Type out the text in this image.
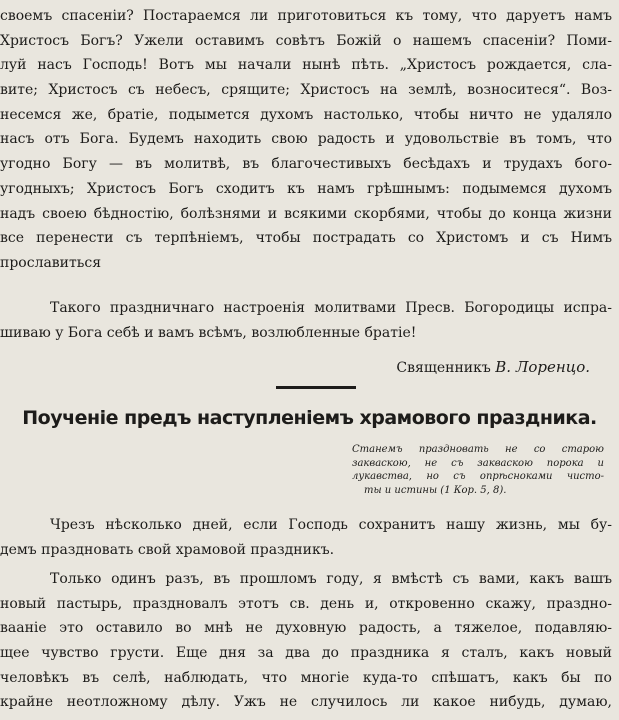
своемъ спасенiи? Постараемся ли приготовиться къ тому, что даруетъ намъ
Христосъ Богъ? Ужели оставимъ совѣтъ Божiй о нашемъ спасенiи? Поми-
луй насъ Господь! Вотъ мы начали нынѣ пѣть. „Христосъ рождается, сла-
вите; Христосъ съ небесъ, срящите; Христосъ на землѣ, возноситеся“. Воз-
несемся же, братiе, подымется духомъ настолько, чтобы ничто не удаляло
насъ отъ Бога. Будемъ находить свою радость и удовольствiе въ томъ, что
угодно Богу — въ молитвѣ, въ благочестивыхъ бесѣдахъ и трудахъ бого-
угодныхъ; Христосъ Богъ сходитъ къ намъ грѣшнымъ: подымемся духомъ
надъ своею бѣдностiю, болѣзнями и всякими скорбями, чтобы до конца жизни
все перенести съ терпѣнiемъ, чтобы пострадать со Христомъ и съ Нимъ
прославиться
Такого праздничнаго настроенiя молитвами Пресв. Богородицы испра-
шиваю у Бога себѣ и вамъ всѣмъ, возлюбленные братiе!
Священникъ В. Лоренцо.
Поученiе предъ наступленiемъ храмового праздника.
Станемъ праздновать не со старою
закваскою, не съ закваскою порока и
лукавства, но съ опрѣснокaми чисто-
ты и истины (1 Кор. 5, 8).
Чрезъ нѣсколько дней, если Господь сохранитъ нашу жизнь, мы бу-
демъ праздновать свой храмовой праздникъ.
Только одинъ разъ, въ прошломъ году, я вмѣстѣ съ вами, какъ вашъ
новый пастырь, праздновалъ этотъ св. день и, откровенно скажу, праздно-
ваанiе это оставило во мнѣ не духовную радость, а тяжелое, подавляю-
щее чувство грусти. Еще дня за два до праздника я сталъ, какъ новый
человѣкъ въ селѣ, наблюдать, что многiе куда-то спѣшатъ, какъ бы по
крайне неотложному дѣлу. Ужъ не случилось ли какое нибудь, думаю,
